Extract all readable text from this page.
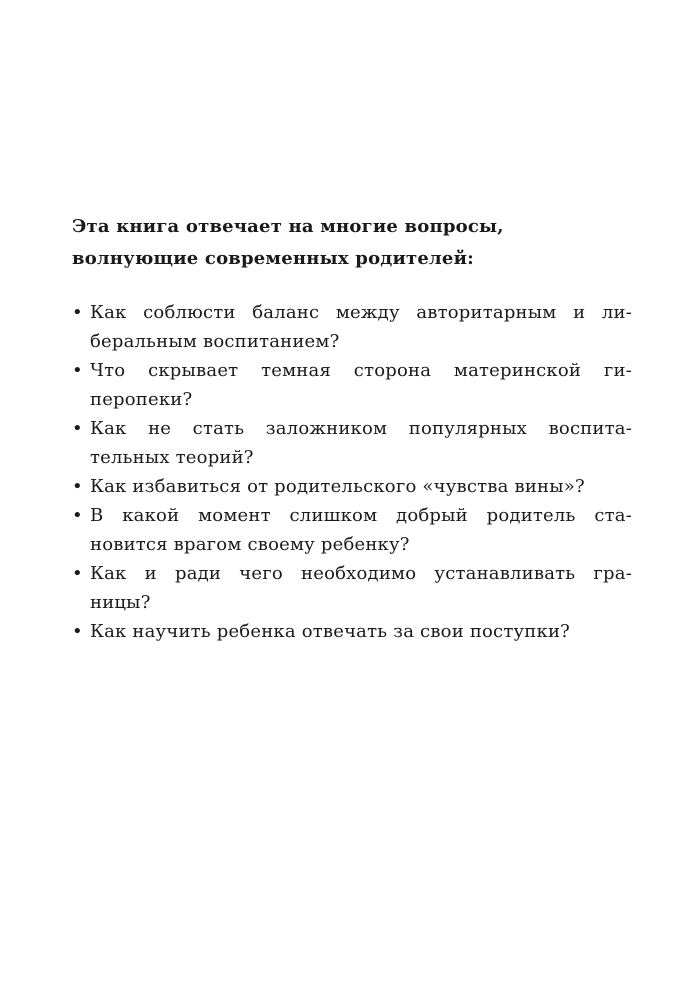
Эта книга отвечает на многие вопросы,
волнующие современных родителей:
• Как соблюсти баланс между авторитарным и ли-
беральным воспитанием?
• Что скрывает темная сторона материнской ги-
перопеки?
• Как не стать заложником популярных воспита-
тельных теорий?
• Как избавиться от родительского «чувства вины»?
• В какой момент слишком добрый родитель ста-
новится врагом своему ребенку?
• Как и ради чего необходимо устанавливать гра-
ницы?
• Как научить ребенка отвечать за свои поступки?
